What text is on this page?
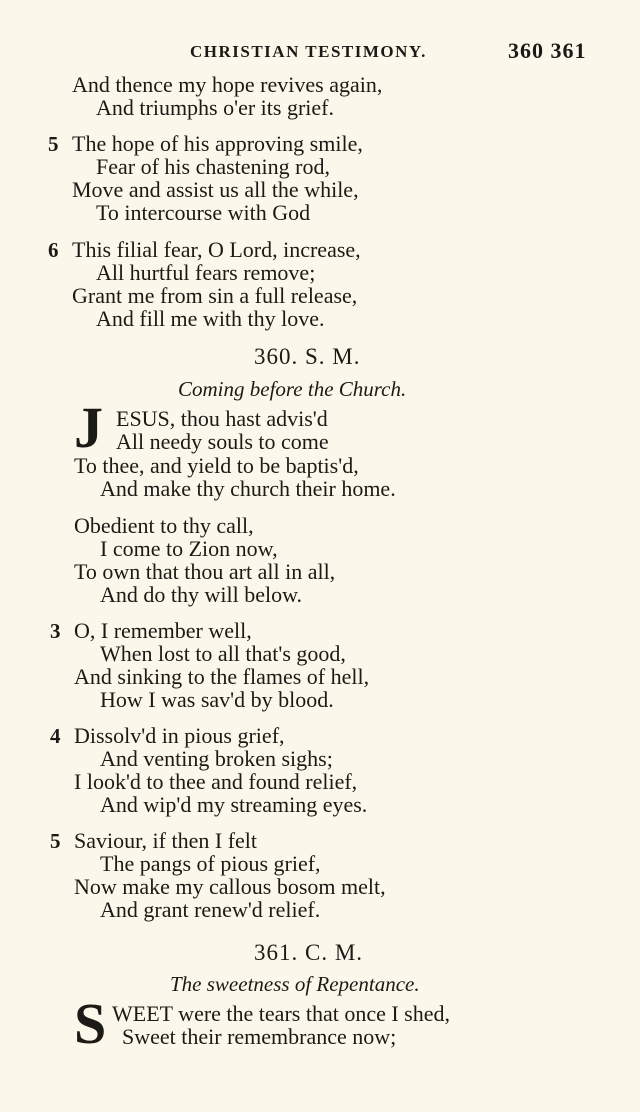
CHRISTIAN TESTIMONY.	360 361
And thence my hope revives again,
And triumphs o'er its grief.
5 The hope of his approving smile,
Fear of his chastening rod,
Move and assist us all the while,
To intercourse with God
6 This filial fear, O Lord, increase,
All hurtful fears remove;
Grant me from sin a full release,
And fill me with thy love.
360. S. M.
Coming before the Church.
J ESUS, thou hast advis'd
All needy souls to come
To thee, and yield to be baptis'd,
And make thy church their home.
Obedient to thy call,
I come to Zion now,
To own that thou art all in all,
And do thy will below.
3 O, I remember well,
When lost to all that's good,
And sinking to the flames of hell,
How I was sav'd by blood.
4 Dissolv'd in pious grief,
And venting broken sighs;
I look'd to thee and found relief,
And wip'd my streaming eyes.
5 Saviour, if then I felt
The pangs of pious grief,
Now make my callous bosom melt,
And grant renew'd relief.
361. C. M.
The sweetness of Repentance.
S WEET were the tears that once I shed,
Sweet their remembrance now;
